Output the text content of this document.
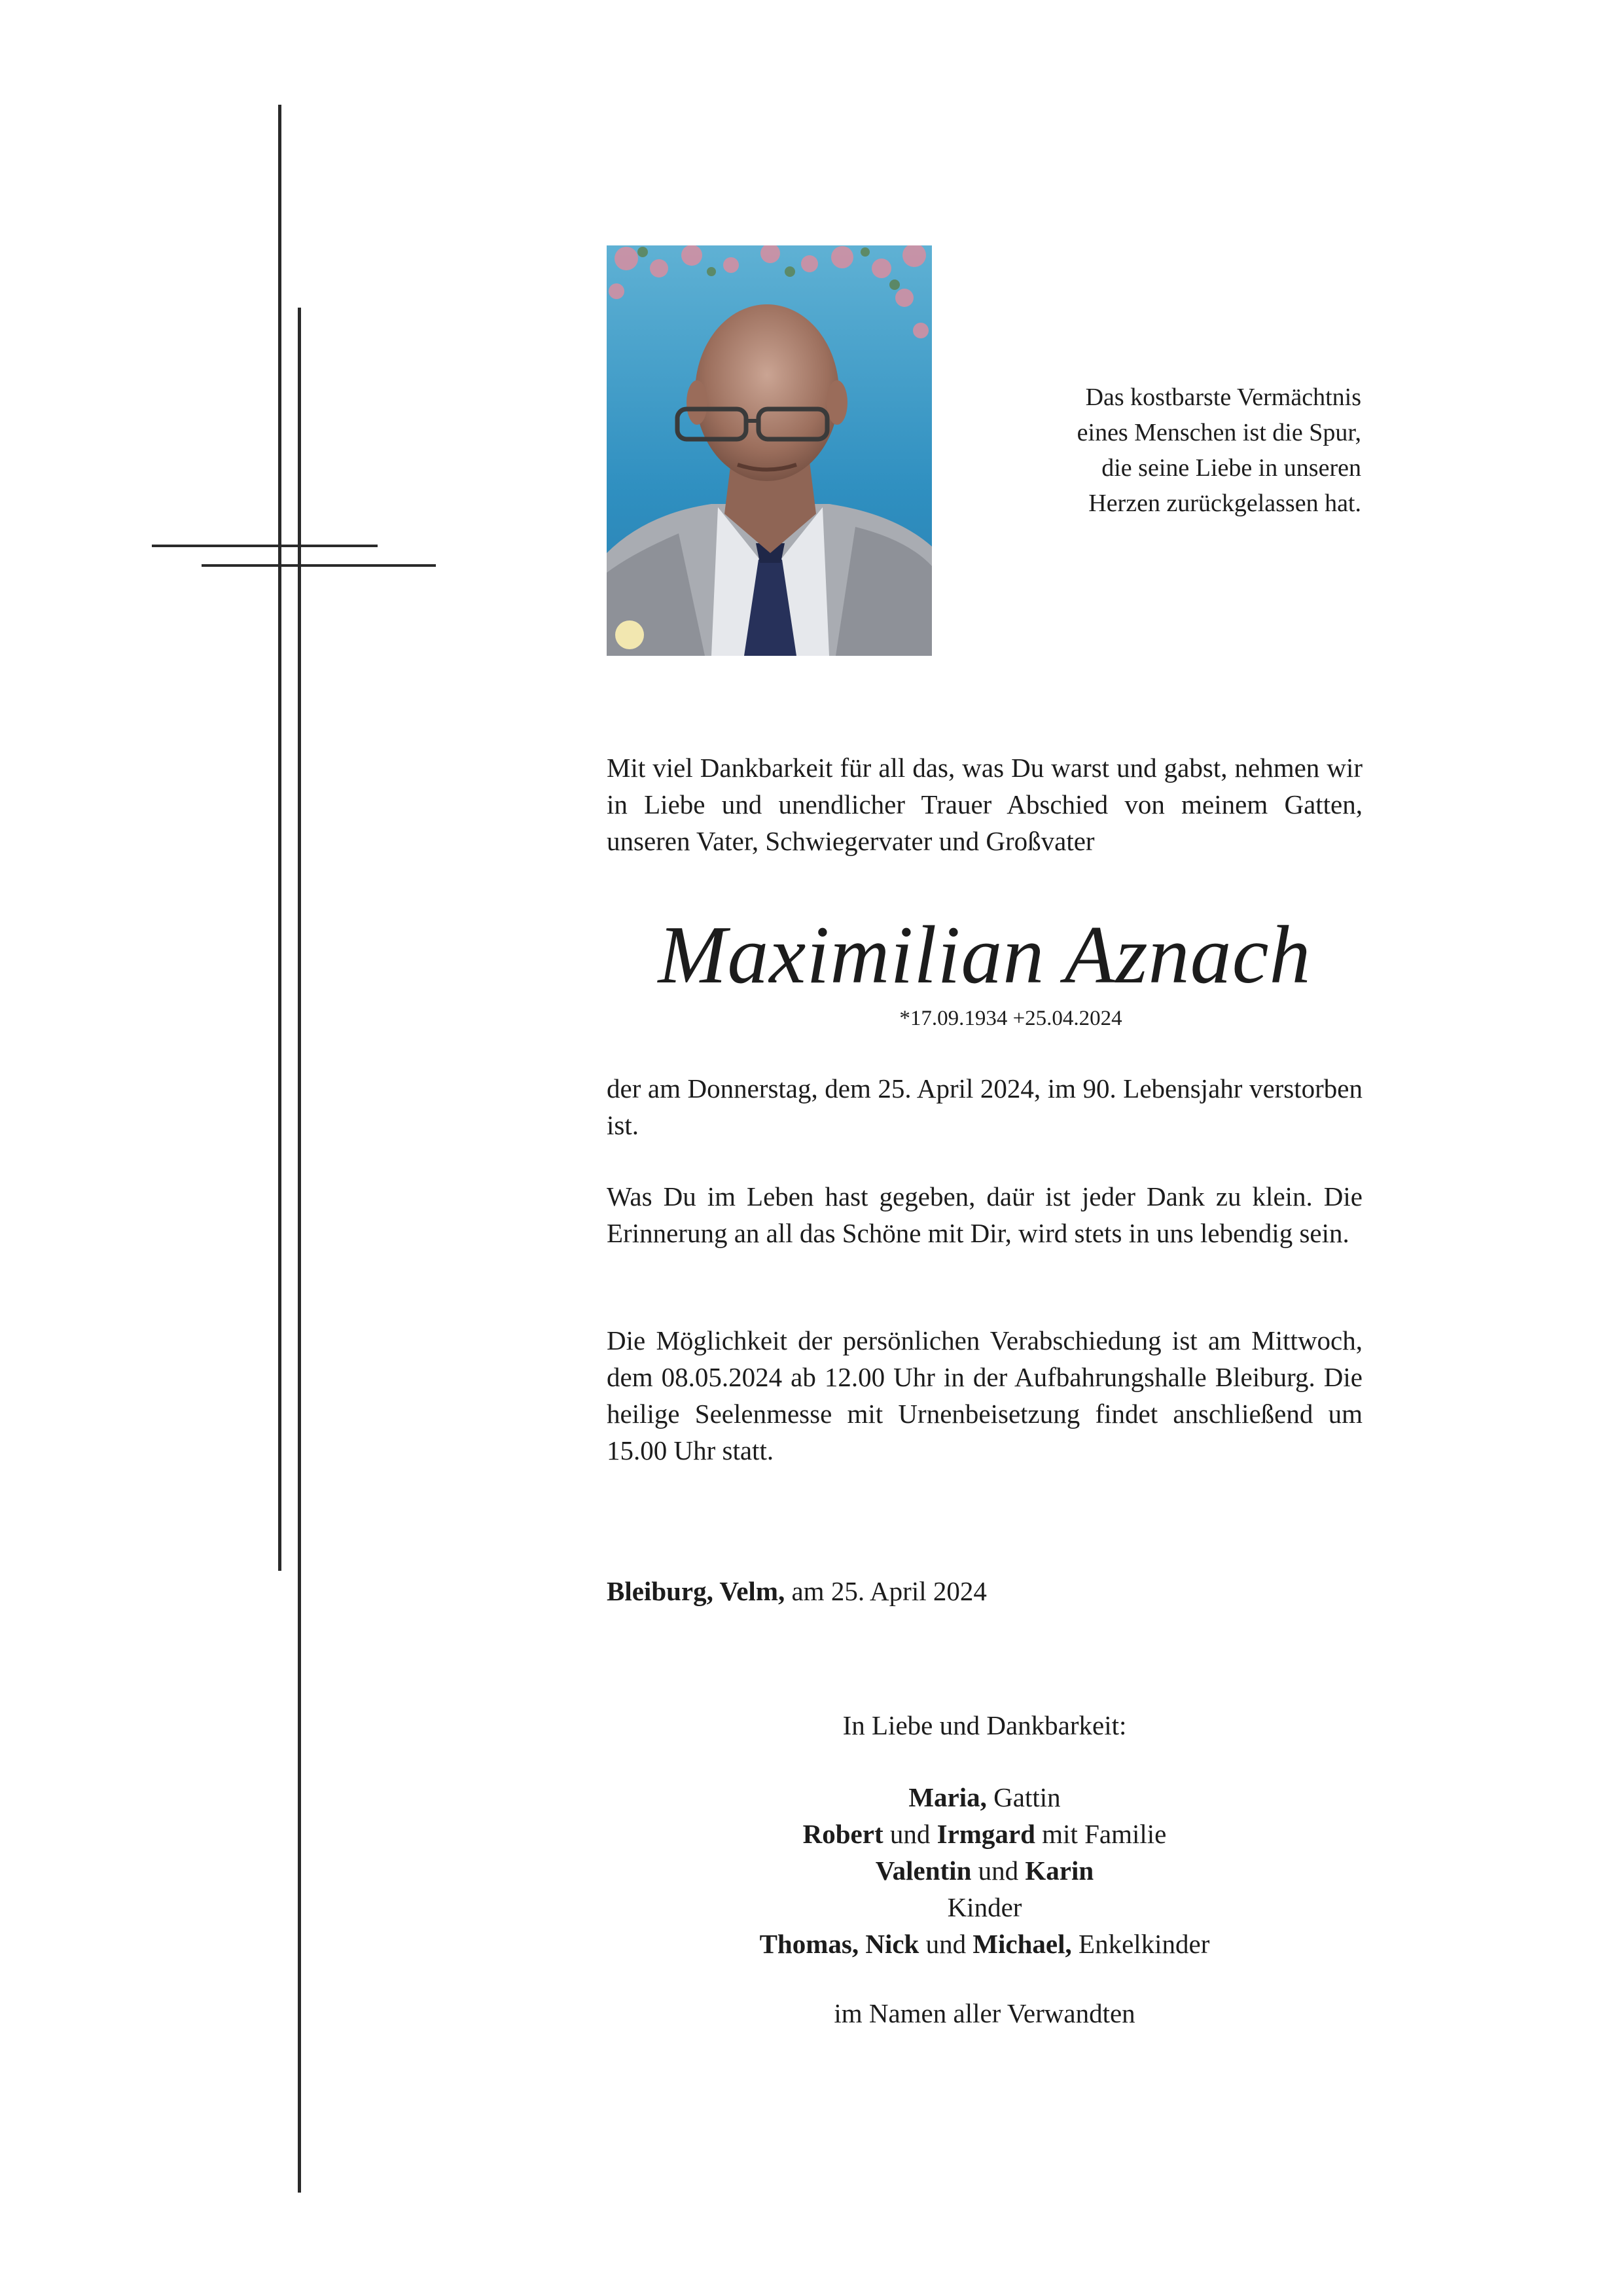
Das kostbarste Vermächtnis
eines Menschen ist die Spur,
die seine Liebe in unseren
Herzen zurückgelassen hat.
Mit viel Dankbarkeit für all das, was Du warst und gabst, nehmen wir in Liebe und unendlicher Trauer Abschied von meinem Gatten, unseren Vater, Schwiegervater und Großvater
Maximilian Aznach
*17.09.1934 +25.04.2024
der am Donnerstag, dem 25. April 2024, im 90. Lebensjahr verstorben ist.
Was Du im Leben hast gegeben, daür ist jeder Dank zu klein. Die Erinnerung an all das Schöne mit Dir, wird stets in uns lebendig sein.
Die Möglichkeit der persönlichen Verabschiedung ist am Mittwoch, dem 08.05.2024 ab 12.00 Uhr in der Aufbahrungshalle Bleiburg. Die heilige Seelenmesse mit Urnenbeisetzung findet anschließend um 15.00 Uhr statt.
Bleiburg, Velm, am 25. April 2024
In Liebe und Dankbarkeit:
Maria, Gattin
Robert und Irmgard mit Familie
Valentin und Karin
Kinder
Thomas, Nick und Michael, Enkelkinder
im Namen aller Verwandten
